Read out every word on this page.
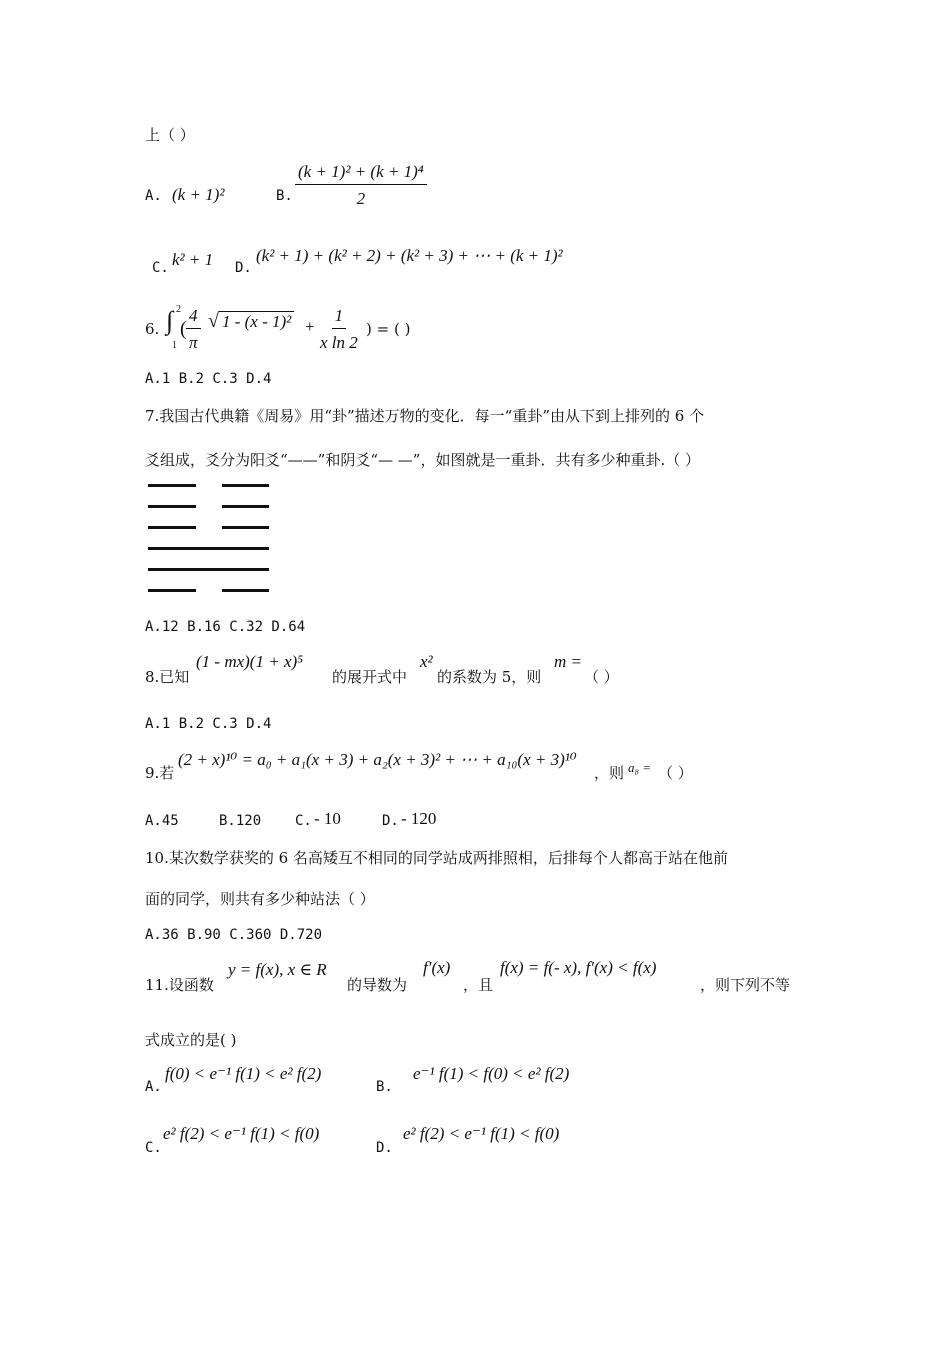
上（ ）
A. (k + 1)²	B. $\frac{\text{(k + 1)² + (k + 1)⁴}}{2}$
C. k² + 1 D.
(k² + 1) + (k² + 2) + (k² + 3) + ⋯ + (k + 1)²
6. ∫ 2
1
( $\frac{4}{\pi}$ √ $1 - (x - 1)^2 + \frac{1}{\text{x ln 2}}$ ) = ( )
A.1 B.2 C.3 D.4
7.我国古代典籍《周易》用“卦”描述万物的变化．每一“重卦”由从下到上排列的 6 个
爻组成，爻分为阳爻“——”和阴爻“— —”，如图就是一重卦．共有多少种重卦.（ ）
A.12 B.16 C.32 D.64
8.已知
(1 - mx)(1 + x)⁵
的展开式中
x²
的系数为 5，则
m =
（ ）
A.1 B.2 C.3 D.4
9.若
(2 + x)¹⁰ = a₀ + a₁(x + 3) + a₂(x + 3)² + ⋯ + a₁₀(x + 3)¹⁰
，则 a₈ = （ ）
A.45	B.120 C. - 10	D. - 120
10.某次数学获奖的 6 名高矮互不相同的同学站成两排照相，后排每个人都高于站在他前
面的同学，则共有多少种站法（ ）
A.36 B.90 C.360 D.720
11.设函数
y = f(x), x ∈ R
的导数为
f′(x)
，且
f(x) = f(- x), f′(x) < f(x)
，则下列不等
式成立的是( )
A.
f(0) < e⁻¹ f(1) < e² f(2)
B.
e⁻¹ f(1) < f(0) < e² f(2)
C.
e² f(2) < e⁻¹ f(1) < f(0)
D.
e² f(2) < e⁻¹ f(1) < f(0)
